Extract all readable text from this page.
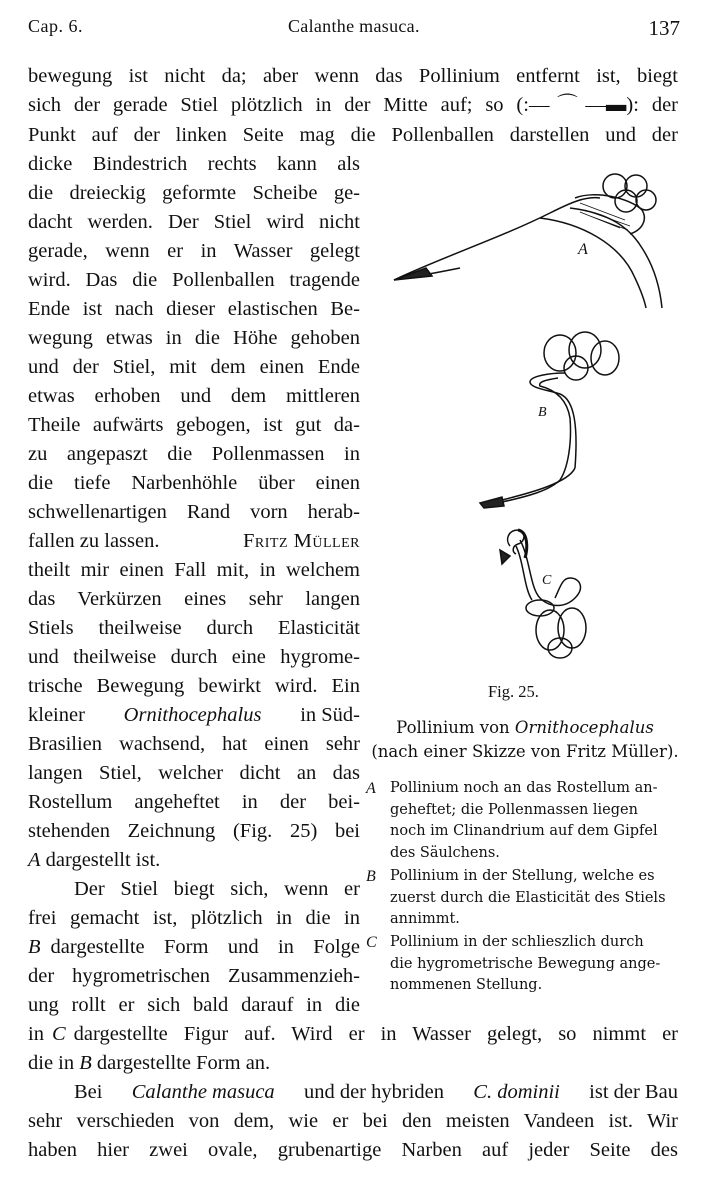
Cap. 6.	Calanthe masuca.	137
bewegung ist nicht da; aber wenn das Pollinium entfernt ist, biegt
sich der gerade Stiel plötzlich in der Mitte auf; so (:—⌒—▬): der
Punkt auf der linken Seite mag die Pollenballen darstellen und der
dicke Bindestrich rechts kann als
die dreieckig geformte Scheibe ge-
dacht werden. Der Stiel wird nicht
gerade, wenn er in Wasser gelegt
wird. Das die Pollenballen tragende
Ende ist nach dieser elastischen Be-
wegung etwas in die Höhe gehoben
und der Stiel, mit dem einen Ende
etwas erhoben und dem mittleren
Theile aufwärts gebogen, ist gut da-
zu angepaszt die Pollenmassen in
die tiefe Narbenhöhle über einen
schwellenartigen Rand vorn herab-
fallen zu lassen.	Fritz Müller
theilt mir einen Fall mit, in welchem
das Verkürzen eines sehr langen
Stiels theilweise durch Elasticität
und theilweise durch eine hygrome-
trische Bewegung bewirkt wird. Ein
kleiner Ornithocephalus in Süd-
Brasilien wachsend, hat einen sehr
langen Stiel, welcher dicht an das
Rostellum angeheftet in der bei-
stehenden Zeichnung (Fig. 25) bei
A dargestellt ist.
Der Stiel biegt sich, wenn er
frei gemacht ist, plötzlich in die in
B dargestellte Form und in Folge
der hygrometrischen Zusammenzieh-
ung rollt er sich bald darauf in die
in C dargestellte Figur auf. Wird er in Wasser gelegt, so nimmt er
die in B dargestellte Form an.
Bei Calanthe masuca und der hybriden C. dominii ist der Bau
sehr verschieden von dem, wie er bei den meisten Vandeen ist. Wir
haben hier zwei ovale, grubenartige Narben auf jeder Seite des
A
B
C
Fig. 25.
Pollinium von Ornithocephalus
(nach einer Skizze von Fritz Müller).
A Pollinium noch an das Rostellum an-
geheftet; die Pollenmassen liegen
noch im Clinandrium auf dem Gipfel
des Säulchens.
B Pollinium in der Stellung, welche es
zuerst durch die Elasticität des Stiels
annimmt.
C Pollinium in der schlieszlich durch
die hygrometrische Bewegung ange-
nommenen Stellung.
